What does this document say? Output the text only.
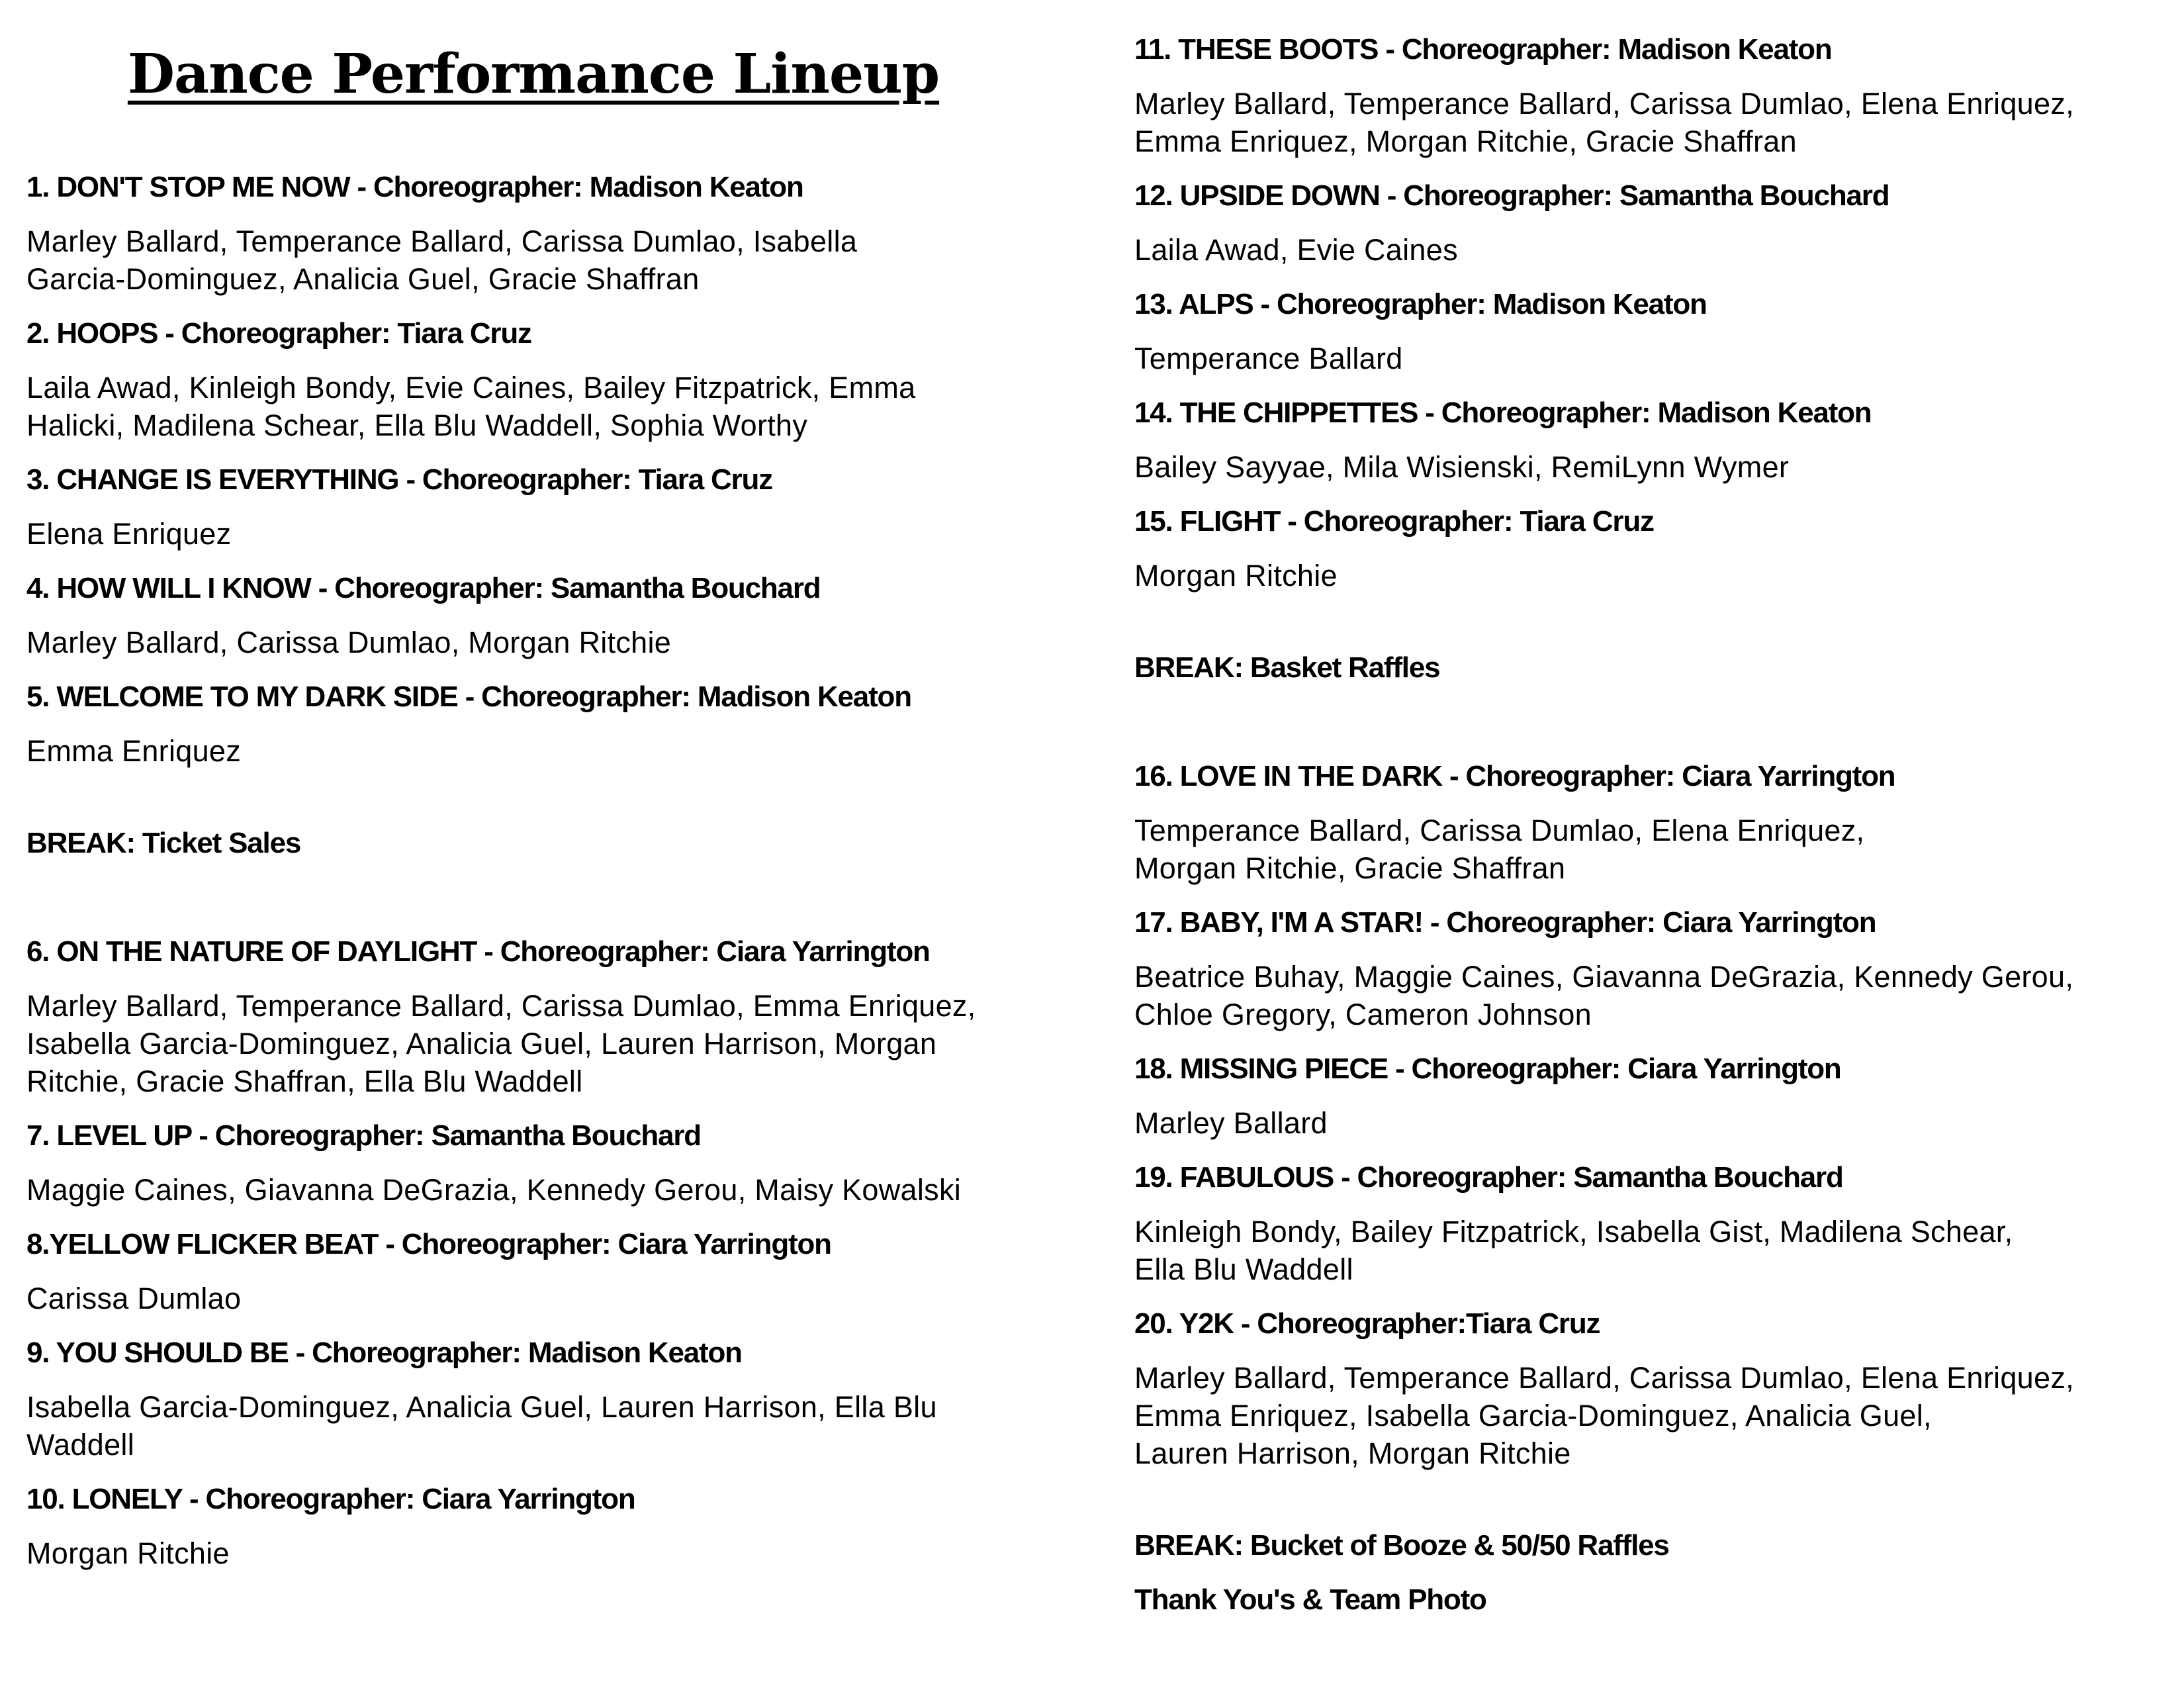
Dance Performance Lineup
1. DON'T STOP ME NOW - Choreographer: Madison Keaton
Marley Ballard, Temperance Ballard, Carissa Dumlao, Isabella
Garcia-Dominguez, Analicia Guel, Gracie Shaffran
2. HOOPS - Choreographer: Tiara Cruz
Laila Awad, Kinleigh Bondy, Evie Caines, Bailey Fitzpatrick, Emma
Halicki, Madilena Schear, Ella Blu Waddell, Sophia Worthy
3. CHANGE IS EVERYTHING - Choreographer: Tiara Cruz
Elena Enriquez
4. HOW WILL I KNOW - Choreographer: Samantha Bouchard
Marley Ballard, Carissa Dumlao, Morgan Ritchie
5. WELCOME TO MY DARK SIDE - Choreographer: Madison Keaton
Emma Enriquez
BREAK: Ticket Sales
6. ON THE NATURE OF DAYLIGHT - Choreographer: Ciara Yarrington
Marley Ballard, Temperance Ballard, Carissa Dumlao, Emma Enriquez,
Isabella Garcia-Dominguez, Analicia Guel, Lauren Harrison, Morgan
Ritchie, Gracie Shaffran, Ella Blu Waddell
7. LEVEL UP - Choreographer: Samantha Bouchard
Maggie Caines, Giavanna DeGrazia, Kennedy Gerou, Maisy Kowalski
8.YELLOW FLICKER BEAT - Choreographer: Ciara Yarrington
Carissa Dumlao
9. YOU SHOULD BE - Choreographer: Madison Keaton
Isabella Garcia-Dominguez, Analicia Guel, Lauren Harrison, Ella Blu
Waddell
10. LONELY - Choreographer: Ciara Yarrington
Morgan Ritchie
11. THESE BOOTS - Choreographer: Madison Keaton
Marley Ballard, Temperance Ballard, Carissa Dumlao, Elena Enriquez,
Emma Enriquez, Morgan Ritchie, Gracie Shaffran
12. UPSIDE DOWN - Choreographer: Samantha Bouchard
Laila Awad, Evie Caines
13. ALPS - Choreographer: Madison Keaton
Temperance Ballard
14. THE CHIPPETTES - Choreographer: Madison Keaton
Bailey Sayyae, Mila Wisienski, RemiLynn Wymer
15. FLIGHT - Choreographer: Tiara Cruz
Morgan Ritchie
BREAK: Basket Raffles
16. LOVE IN THE DARK - Choreographer: Ciara Yarrington
Temperance Ballard, Carissa Dumlao, Elena Enriquez,
Morgan Ritchie, Gracie Shaffran
17. BABY, I'M A STAR! - Choreographer: Ciara Yarrington
Beatrice Buhay, Maggie Caines, Giavanna DeGrazia, Kennedy Gerou,
Chloe Gregory, Cameron Johnson
18. MISSING PIECE - Choreographer: Ciara Yarrington
Marley Ballard
19. FABULOUS - Choreographer: Samantha Bouchard
Kinleigh Bondy, Bailey Fitzpatrick, Isabella Gist, Madilena Schear,
Ella Blu Waddell
20. Y2K - Choreographer:Tiara Cruz
Marley Ballard, Temperance Ballard, Carissa Dumlao, Elena Enriquez,
Emma Enriquez, Isabella Garcia-Dominguez, Analicia Guel,
Lauren Harrison, Morgan Ritchie
BREAK: Bucket of Booze & 50/50 Raffles
Thank You's & Team Photo
